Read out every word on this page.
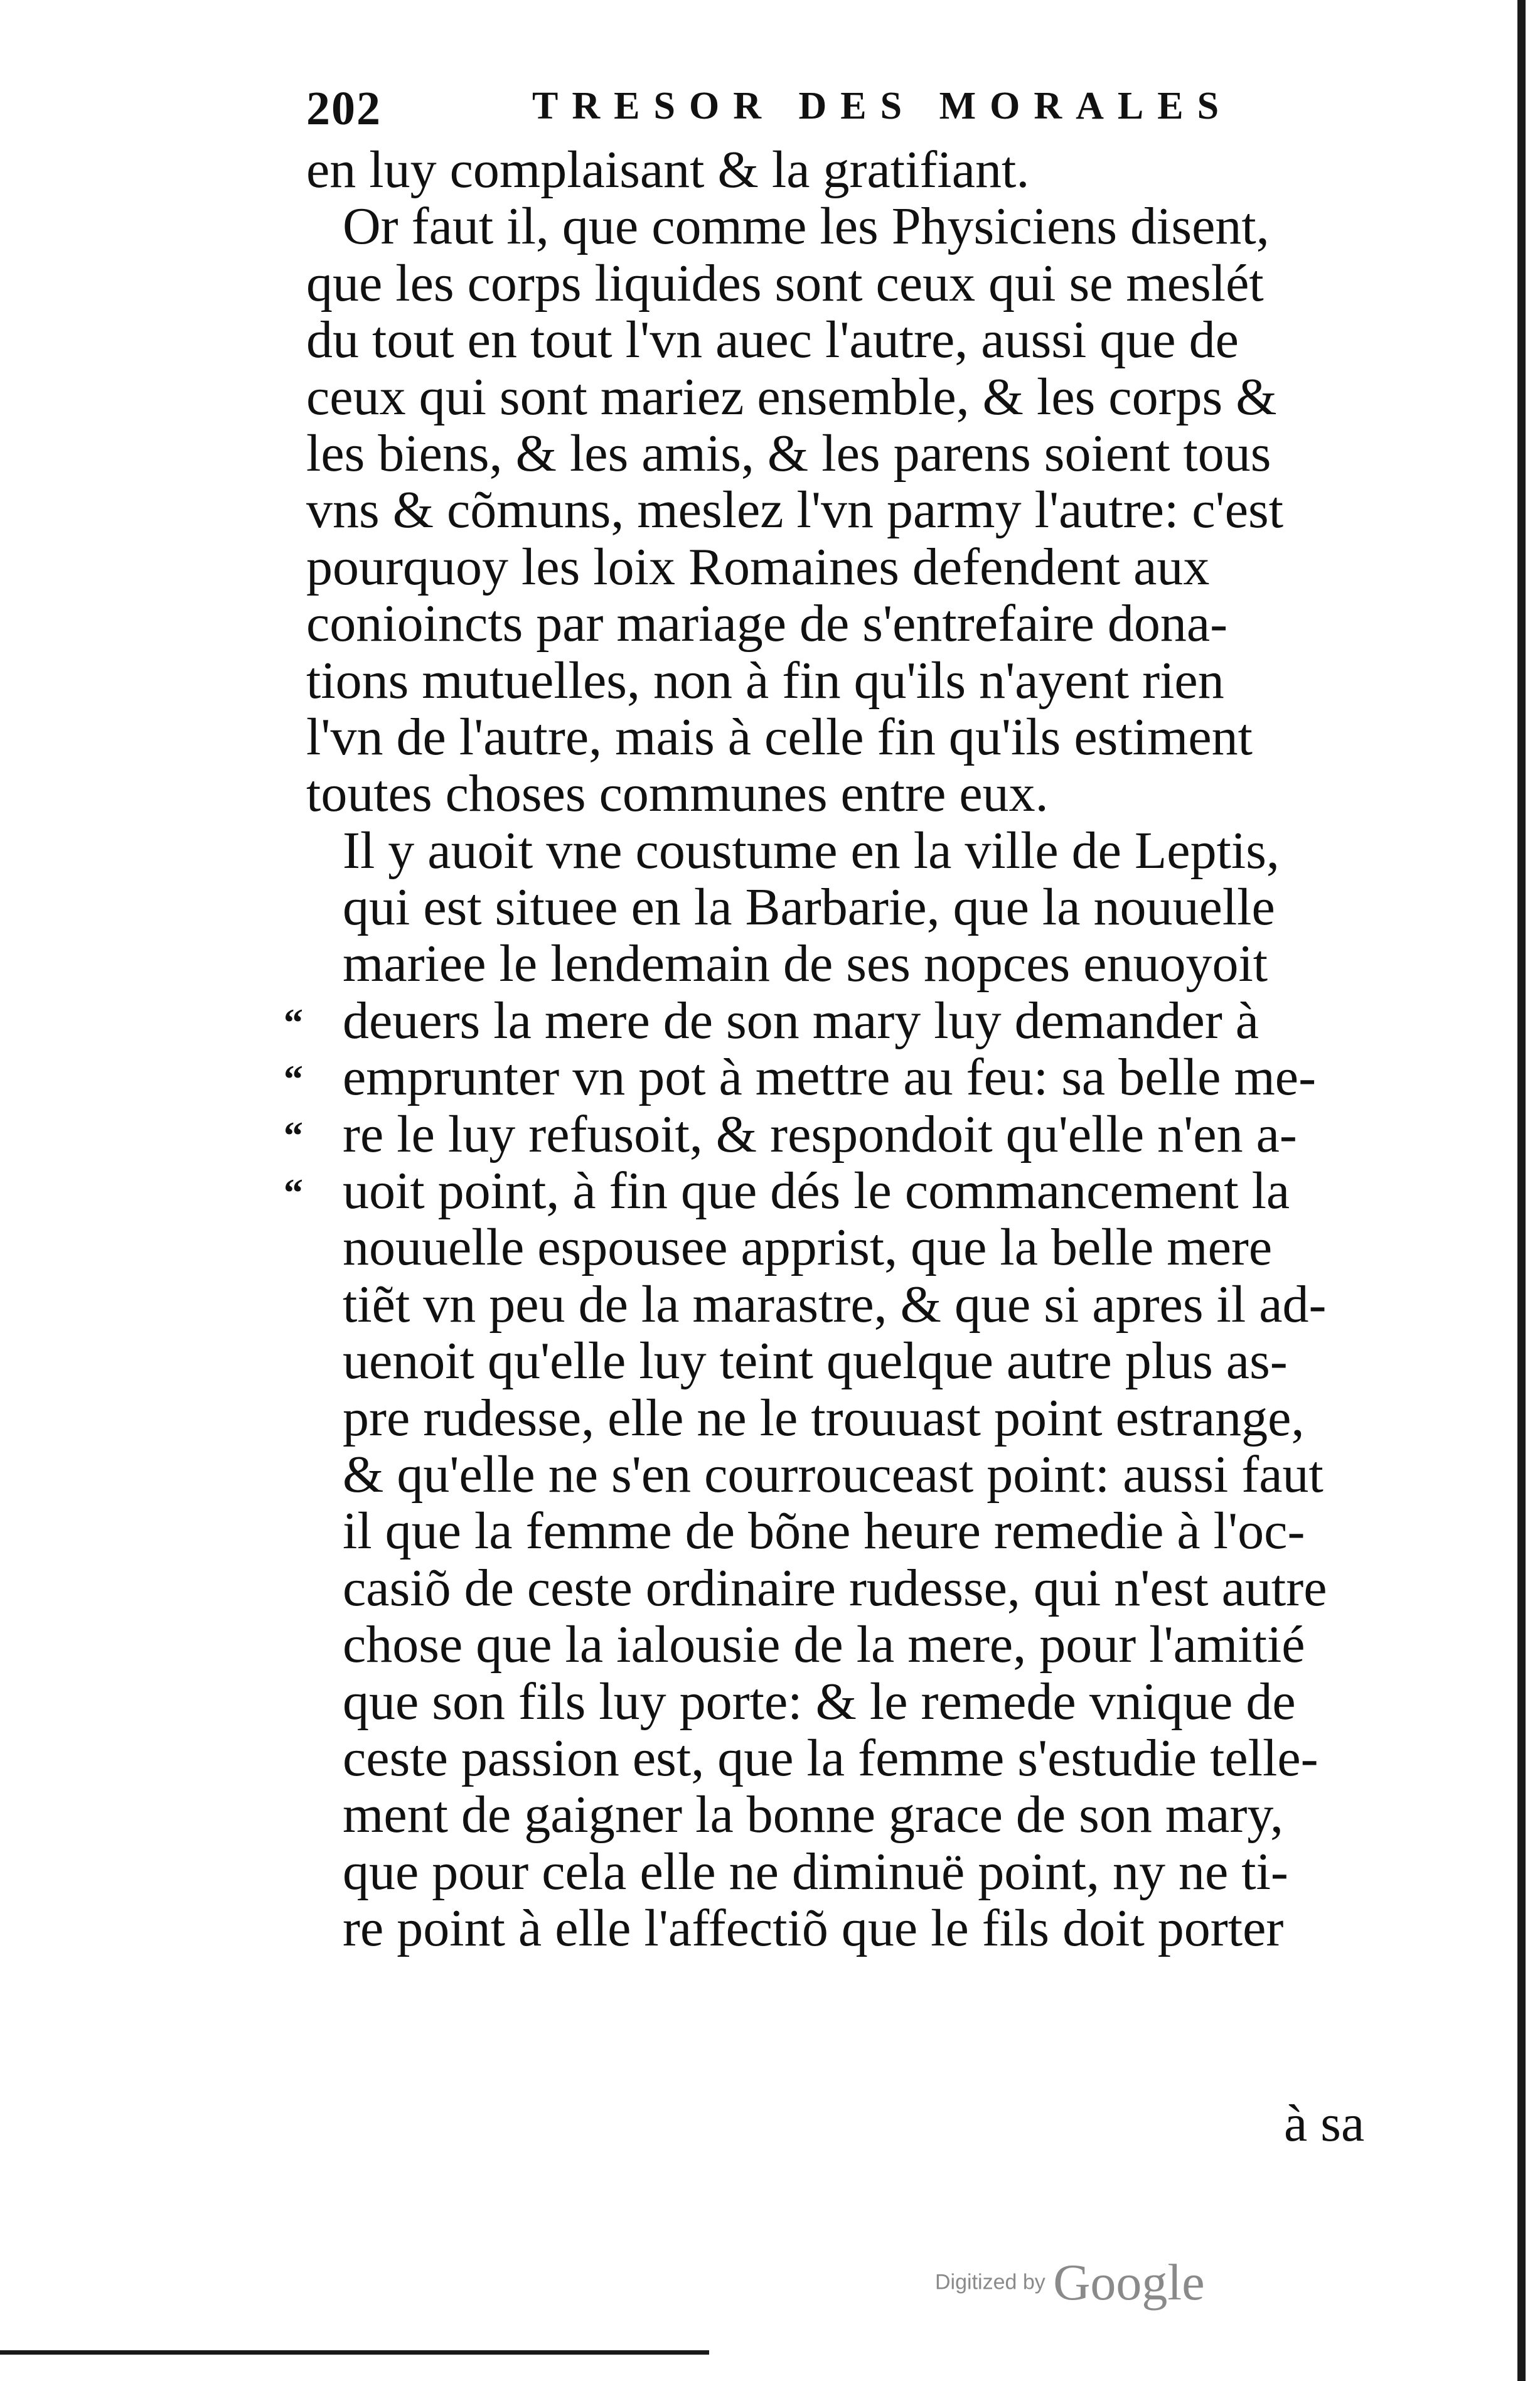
202	TRESOR DES MORALES
en luy complaisant & la gratifiant.
Or faut il, que comme les Physiciens disent,
que les corps liquides sont ceux qui se meslét
du tout en tout l'vn auec l'autre, aussi que de
ceux qui sont mariez ensemble, & les corps &
les biens, & les amis, & les parens soient tous
vns & cõmuns, meslez l'vn parmy l'autre: c'est
pourquoy les loix Romaines defendent aux
conioincts par mariage de s'entrefaire dona-
tions mutuelles, non à fin qu'ils n'ayent rien
l'vn de l'autre, mais à celle fin qu'ils estiment
toutes choses communes entre eux.
Il y auoit vne coustume en la ville de Leptis,
qui est situee en la Barbarie, que la nouuelle
mariee le lendemain de ses nopces enuoyoit
deuers la mere de son mary luy demander à
emprunter vn pot à mettre au feu: sa belle me-
re le luy refusoit, & respondoit qu'elle n'en a-
uoit point, à fin que dés le commancement la
nouuelle espousee apprist, que la belle mere
tiẽt vn peu de la marastre, & que si apres il ad-
uenoit qu'elle luy teint quelque autre plus as-
pre rudesse, elle ne le trouuast point estrange,
& qu'elle ne s'en courrouceast point: aussi faut
il que la femme de bõne heure remedie à l'oc-
casiõ de ceste ordinaire rudesse, qui n'est autre
chose que la ialousie de la mere, pour l'amitié
que son fils luy porte: & le remede vnique de
ceste passion est, que la femme s'estudie telle-
ment de gaigner la bonne grace de son mary,
que pour cela elle ne diminuë point, ny ne ti-
re point à elle l'affectiõ que le fils doit porter
“
“
“
“
à sa
Digitized by Google
